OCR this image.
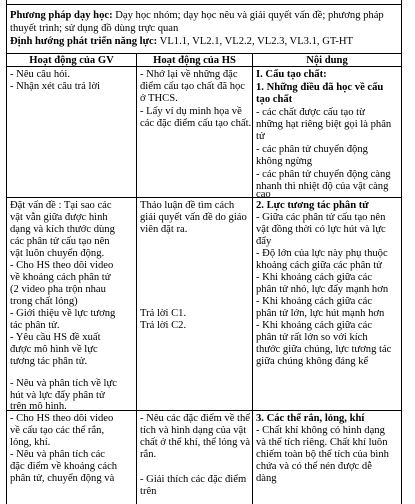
Phương pháp dạy học: Dạy học nhóm; dạy học nêu và giải quyết vấn đề; phương pháp
thuyết trình; sử dụng đồ dùng trực quan
Định hướng phát triển năng lực: VL1.1, VL2.1, VL2.2, VL2.3, VL3.1, GT-HT
Hoạt động của GV	Hoạt động của HS	Nội dung
- Nêu câu hỏi.
- Nhận xét câu trả lời
- Nhớ lại về những đặc
điểm cấu tạo chất đã học
ở THCS.
- Lấy ví dụ minh họa về
các đặc điểm cấu tạo chất.
I. Cấu tạo chất:
1. Những điều đã học về cấu
tạo chất
- các chất được cấu tạo từ
những hạt riêng biệt gọi là phân
tử
- các phân tử chuyển động
không ngừng
- các phân tử chuyển động càng
nhanh thì nhiệt độ của vật càng
cao
Đặt vấn đề : Tại sao các
vật vẫn giữa được hình
dạng và kích thước dùng
các phân tử cấu tạo nên
vật luôn chuyển động.
- Cho HS theo dõi video
về khoảng cách phân tử
(2 video pha trộn nhau
trong chất lỏng)
- Giới thiệu về lực tương
tác phân tử.
- Yêu cầu HS đề xuất
được mô hình về lực
tương tác phân tử.
- Nêu và phân tích về lực
hút và lực đẩy phân tử
trên mô hình.
Thảo luận đề tìm cách
giải quyết vấn đề do giáo
viên đặt ra.
Trả lời C1.
Trả lời C2.
2. Lực tương tác phân tử
- Giữa các phân tử cấu tạo nên
vật đồng thời có lực hút và lực
đẩy
- Độ lớn của lực này phụ thuộc
khoảng cách giữa các phân tử
- Khi khoảng cách giữa các
phân tử nhỏ, lực đẩy mạnh hơn
- Khi khoảng cách giữa các
phân tử lớn, lực hút mạnh hơn
- Khi khoảng cách giữa các
phân tử rất lớn so với kích
thước giữa chúng, lực tương tác
giữa chúng không đáng kể
- Cho HS theo dõi video
về cấu tạo các thể rắn,
lỏng, khí.
- Nêu và phân tích các
đặc điểm về khoảng cách
phân tử, chuyển động và
- Nêu các đặc điểm về thể
tích và hình dạng của vật
chất ở thể khí, thể lỏng và
rắn.
- Giải thích các đặc điểm
trên
3. Các thể rắn, lỏng, khí
- Chất khí không có hình dạng
và thể tích riêng. Chất khí luôn
chiếm toàn bộ thể tích của bình
chứa và có thể nén được dễ
dàng
